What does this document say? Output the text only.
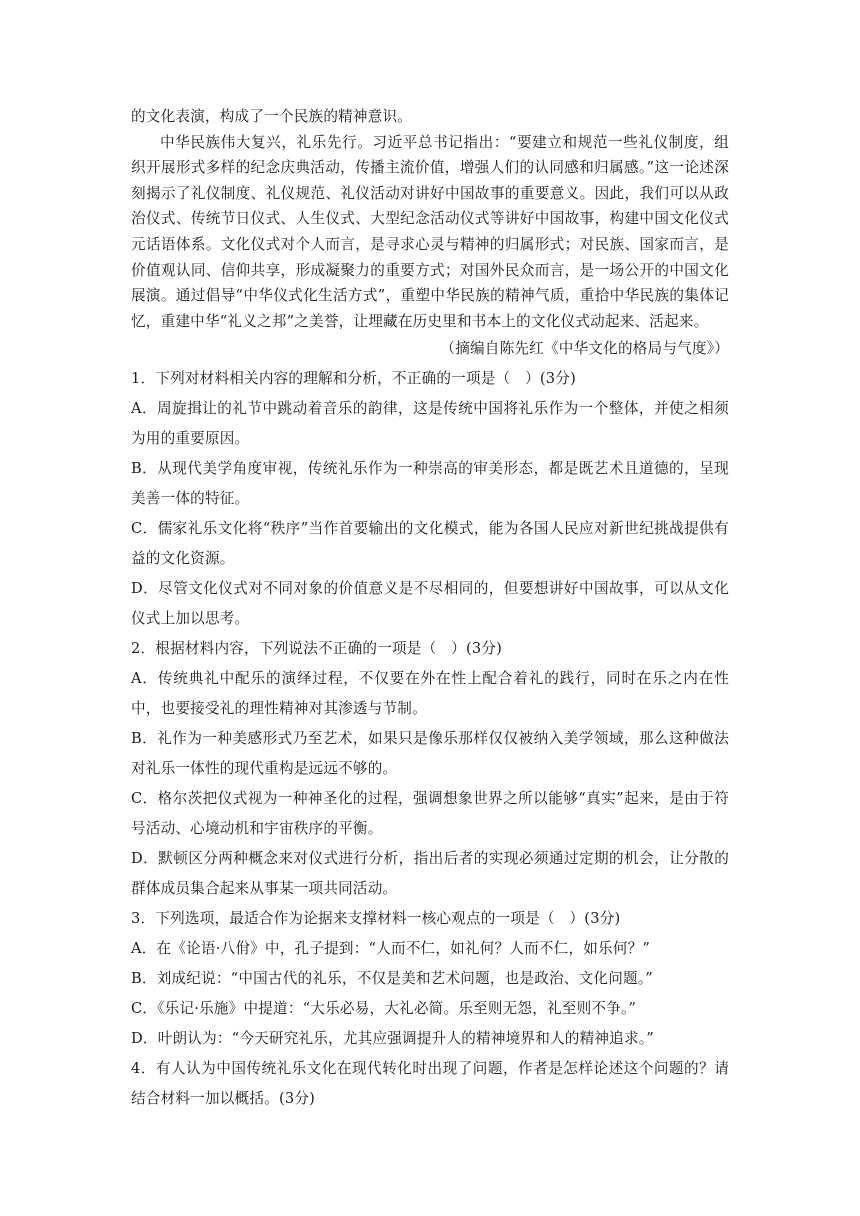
的文化表演，构成了一个民族的精神意识。

中华民族伟大复兴，礼乐先行。习近平总书记指出：“要建立和规范一些礼仪制度，组织开展形式多样的纪念庆典活动，传播主流价值，增强人们的认同感和归属感。”这一论述深刻揭示了礼仪制度、礼仪规范、礼仪活动对讲好中国故事的重要意义。因此，我们可以从政治仪式、传统节日仪式、人生仪式、大型纪念活动仪式等讲好中国故事，构建中国文化仪式元话语体系。文化仪式对个人而言，是寻求心灵与精神的归属形式；对民族、国家而言，是价值观认同、信仰共享，形成凝聚力的重要方式；对国外民众而言，是一场公开的中国文化展演。通过倡导“中华仪式化生活方式”，重塑中华民族的精神气质，重拾中华民族的集体记忆，重建中华“礼义之邦”之美誉，让埋藏在历史里和书本上的文化仪式动起来、活起来。

（摘编自陈先红《中华文化的格局与气度》）

1．下列对材料相关内容的理解和分析，不正确的一项是（　）(3分)

A．周旋揖让的礼节中跳动着音乐的韵律，这是传统中国将礼乐作为一个整体，并使之相须为用的重要原因。

B．从现代美学角度审视，传统礼乐作为一种崇高的审美形态，都是既艺术且道德的，呈现美善一体的特征。

C．儒家礼乐文化将“秩序”当作首要输出的文化模式，能为各国人民应对新世纪挑战提供有益的文化资源。

D．尽管文化仪式对不同对象的价值意义是不尽相同的，但要想讲好中国故事，可以从文化仪式上加以思考。

2．根据材料内容，下列说法不正确的一项是（　）(3分)

A．传统典礼中配乐的演绎过程，不仅要在外在性上配合着礼的践行，同时在乐之内在性中，也要接受礼的理性精神对其渗透与节制。

B．礼作为一种美感形式乃至艺术，如果只是像乐那样仅仅被纳入美学领域，那么这种做法对礼乐一体性的现代重构是远远不够的。

C．格尔茨把仪式视为一种神圣化的过程，强调想象世界之所以能够“真实”起来，是由于符号活动、心境动机和宇宙秩序的平衡。

D．默顿区分两种概念来对仪式进行分析，指出后者的实现必须通过定期的机会，让分散的群体成员集合起来从事某一项共同活动。

3．下列选项，最适合作为论据来支撑材料一核心观点的一项是（　）(3分)

A．在《论语·八佾》中，孔子提到：“人而不仁，如礼何？人而不仁，如乐何？”

B．刘成纪说：“中国古代的礼乐，不仅是美和艺术问题，也是政治、文化问题。”

C．《乐记·乐施》中提道：“大乐必易，大礼必简。乐至则无怨，礼至则不争。”

D．叶朗认为：“今天研究礼乐，尤其应强调提升人的精神境界和人的精神追求。”

4．有人认为中国传统礼乐文化在现代转化时出现了问题，作者是怎样论述这个问题的？请结合材料一加以概括。(3分)
